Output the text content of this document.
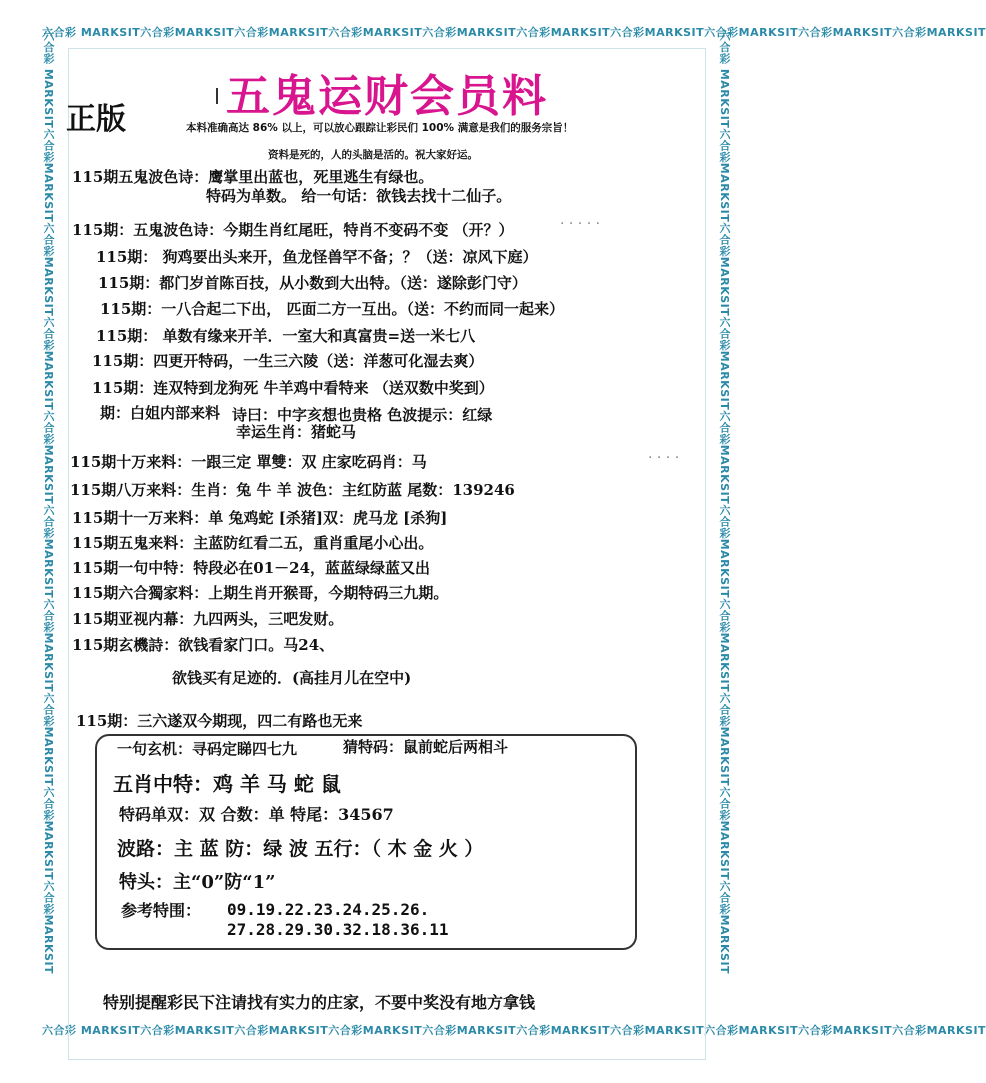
六合彩 MARKSIT六合彩MARKSIT六合彩MARKSIT六合彩MARKSIT六合彩MARKSIT六合彩MARKSIT六合彩MARKSIT六合彩MARKSIT六合彩MARKSIT六合彩MARKSIT
六合彩 MARKSIT六合彩MARKSIT六合彩MARKSIT六合彩MARKSIT六合彩MARKSIT六合彩MARKSIT六合彩MARKSIT六合彩MARKSIT六合彩MARKSIT六合彩MARKSIT
六合彩 MARKSIT六合彩MARKSIT六合彩MARKSIT六合彩MARKSIT六合彩MARKSIT六合彩MARKSIT六合彩MARKSIT六合彩MARKSIT六合彩MARKSIT六合彩MARKSIT	六合彩 MARKSIT六合彩MARKSIT六合彩MARKSIT六合彩MARKSIT六合彩MARKSIT六合彩MARKSIT六合彩MARKSIT六合彩MARKSIT六合彩MARKSIT六合彩MARKSIT
五鬼运财会员料
正版	本料准确高达 86% 以上，可以放心跟踪让彩民们 100% 满意是我们的服务宗旨！
资料是死的，人的头脑是活的。祝大家好运。
115期五鬼波色诗：鹰掌里出蓝也，死里逃生有绿也。
特码为单数。 给一句话：欲钱去找十二仙子。
115期：五鬼波色诗：今期生肖红尾旺，特肖不变码不变 （开？）
. . . . .
115期： 狗鸡要出头来开，鱼龙怪兽罕不备；？（送：凉风下庭）
115期：都门岁首陈百技，从小数到大出特。（送：遂除彭门守）
115期：一八合起二下出， 匹面二方一互出。（送：不约而同一起来）
115期： 单数有缘来开羊．一室大和真富贵=送一米七八
115期：四更开特码，一生三六陵（送：洋葱可化湿去爽）
115期：连双特到龙狗死 牛羊鸡中看特来 （送双数中奖到）
期：白姐内部来料 诗曰：中字亥想也贵格 色波提示：红绿
幸运生肖：猪蛇马
115期十万来料：一跟三定 單雙：双 庄家吃码肖：马	. . . .
115期八万来料：生肖：兔 牛 羊 波色：主红防蓝 尾数：139246
115期十一万来料：单 兔鸡蛇 [杀猪]双：虎马龙 [杀狗]
115期五鬼来料：主蓝防红看二五，重肖重尾小心出。
115期一句中特：特段必在01－24，蓝蓝绿绿蓝又出
115期六合獨家料：上期生肖开猴哥，今期特码三九期。
115期亚视内幕：九四两头，三吧发财。
115期玄機詩：欲钱看家门口。马24、
欲钱买有足迹的．(高挂月儿在空中)
115期：三六遂双今期现，四二有路也无来
一句玄机：寻码定睇四七九	猜特码：鼠前蛇后两相斗
五肖中特：鸡 羊 马 蛇 鼠
特码单双：双 合数：单 特尾：34567
波路：主 蓝 防：绿 波 五行：（ 木 金 火 ）
特头：主“0”防“1”
参考特围： 09.19.22.23.24.25.26.
27.28.29.30.32.18.36.11
特别提醒彩民下注请找有实力的庄家，不要中奖没有地方拿钱
